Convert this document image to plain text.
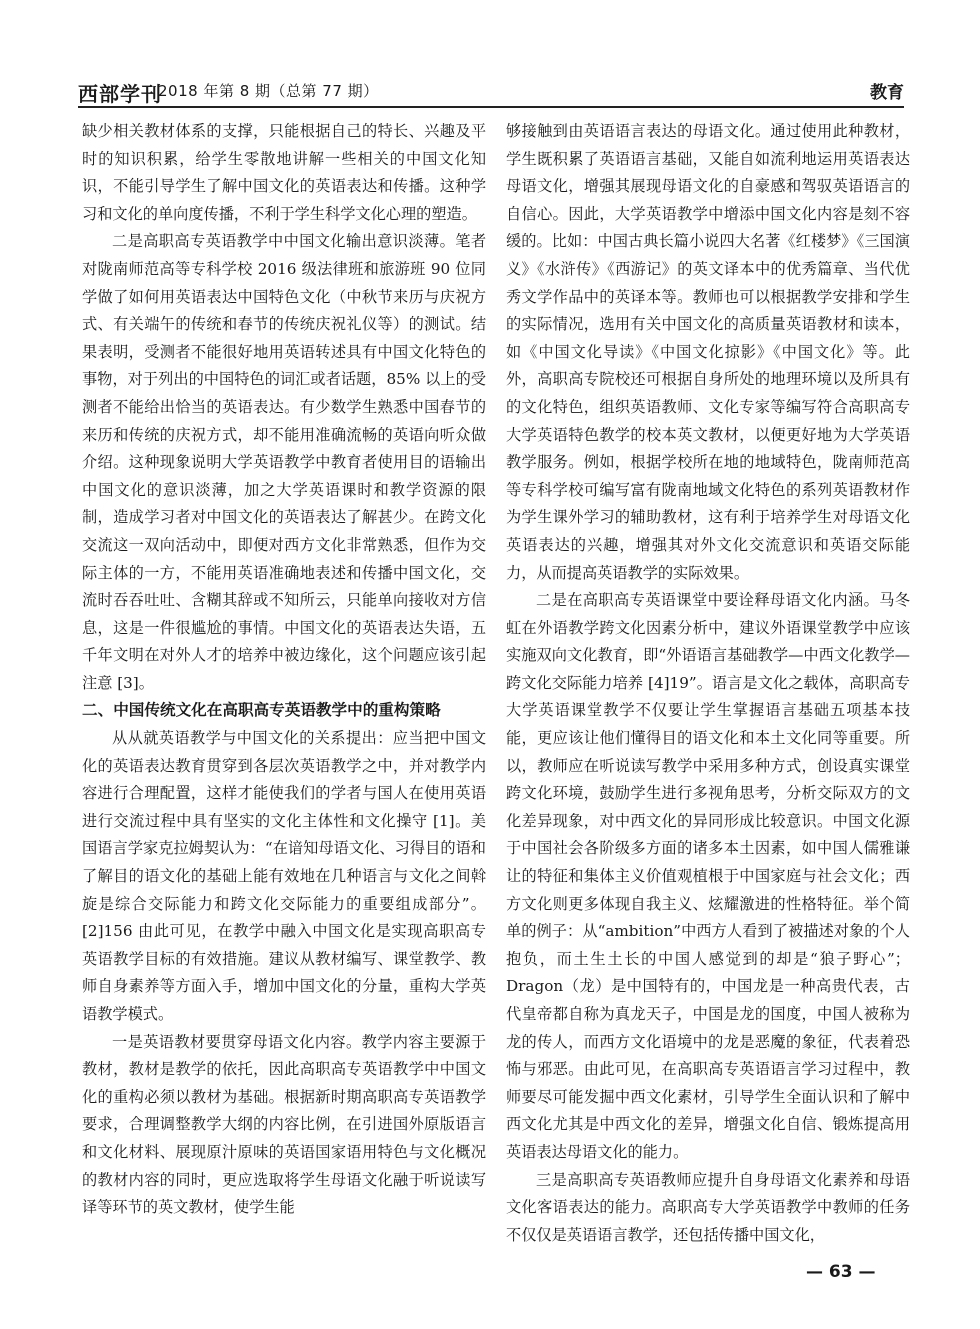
西部学刊
2018 年第 8 期（总第 77 期）	教育

缺少相关教材体系的支撑，只能根据自己的特长、兴趣及平时的知识积累，给学生零散地讲解一些相关的中国文化知识，不能引导学生了解中国文化的英语表达和传播。这种学习和文化的单向度传播，不利于学生科学文化心理的塑造。

二是高职高专英语教学中中国文化输出意识淡薄。笔者对陇南师范高等专科学校 2016 级法律班和旅游班 90 位同学做了如何用英语表达中国特色文化（中秋节来历与庆祝方式、有关端午的传统和春节的传统庆祝礼仪等）的测试。结果表明，受测者不能很好地用英语转述具有中国文化特色的事物，对于列出的中国特色的词汇或者话题，85% 以上的受测者不能给出恰当的英语表达。有少数学生熟悉中国春节的来历和传统的庆祝方式，却不能用准确流畅的英语向听众做介绍。这种现象说明大学英语教学中教育者使用目的语输出中国文化的意识淡薄，加之大学英语课时和教学资源的限制，造成学习者对中国文化的英语表达了解甚少。在跨文化交流这一双向活动中，即便对西方文化非常熟悉，但作为交际主体的一方，不能用英语准确地表述和传播中国文化，交流时吞吞吐吐、含糊其辞或不知所云，只能单向接收对方信息，这是一件很尴尬的事情。中国文化的英语表达失语，五千年文明在对外人才的培养中被边缘化，这个问题应该引起注意 [3]。

二、中国传统文化在高职高专英语教学中的重构策略

从从就英语教学与中国文化的关系提出：应当把中国文化的英语表达教育贯穿到各层次英语教学之中，并对教学内容进行合理配置，这样才能使我们的学者与国人在使用英语进行交流过程中具有坚实的文化主体性和文化操守 [1]。美国语言学家克拉姆契认为：“在谙知母语文化、习得目的语和了解目的语文化的基础上能有效地在几种语言与文化之间斡旋是综合交际能力和跨文化交际能力的重要组成部分”。[2]156 由此可见，在教学中融入中国文化是实现高职高专英语教学目标的有效措施。建议从教材编写、课堂教学、教师自身素养等方面入手，增加中国文化的分量，重构大学英语教学模式。

一是英语教材要贯穿母语文化内容。教学内容主要源于教材，教材是教学的依托，因此高职高专英语教学中中国文化的重构必须以教材为基础。根据新时期高职高专英语教学要求，合理调整教学大纲的内容比例，在引进国外原版语言和文化材料、展现原汁原味的英语国家语用特色与文化概况的教材内容的同时，更应选取将学生母语文化融于听说读写译等环节的英文教材，使学生能

够接触到由英语语言表达的母语文化。通过使用此种教材，学生既积累了英语语言基础，又能自如流利地运用英语表达母语文化，增强其展现母语文化的自豪感和驾驭英语语言的自信心。因此，大学英语教学中增添中国文化内容是刻不容缓的。比如：中国古典长篇小说四大名著《红楼梦》《三国演义》《水浒传》《西游记》的英文译本中的优秀篇章、当代优秀文学作品中的英译本等。教师也可以根据教学安排和学生的实际情况，选用有关中国文化的高质量英语教材和读本，如《中国文化导读》《中国文化掠影》《中国文化》等。此外，高职高专院校还可根据自身所处的地理环境以及所具有的文化特色，组织英语教师、文化专家等编写符合高职高专大学英语特色教学的校本英文教材，以便更好地为大学英语教学服务。例如，根据学校所在地的地域特色，陇南师范高等专科学校可编写富有陇南地域文化特色的系列英语教材作为学生课外学习的辅助教材，这有利于培养学生对母语文化英语表达的兴趣，增强其对外文化交流意识和英语交际能力，从而提高英语教学的实际效果。

二是在高职高专英语课堂中要诠释母语文化内涵。马冬虹在外语教学跨文化因素分析中，建议外语课堂教学中应该实施双向文化教育，即“外语语言基础教学—中西文化教学—跨文化交际能力培养 [4]19”。语言是文化之载体，高职高专大学英语课堂教学不仅要让学生掌握语言基础五项基本技能，更应该让他们懂得目的语文化和本土文化同等重要。所以，教师应在听说读写教学中采用多种方式，创设真实课堂跨文化环境，鼓励学生进行多视角思考，分析交际双方的文化差异现象，对中西文化的异同形成比较意识。中国文化源于中国社会各阶级多方面的诸多本土因素，如中国人儒雅谦让的特征和集体主义价值观植根于中国家庭与社会文化；西方文化则更多体现自我主义、炫耀激进的性格特征。举个简单的例子：从“ambition”中西方人看到了被描述对象的个人抱负，而土生土长的中国人感觉到的却是“狼子野心”；Dragon（龙）是中国特有的，中国龙是一种高贵代表，古代皇帝都自称为真龙天子，中国是龙的国度，中国人被称为龙的传人，而西方文化语境中的龙是恶魔的象征，代表着恐怖与邪恶。由此可见，在高职高专英语语言学习过程中，教师要尽可能发掘中西文化素材，引导学生全面认识和了解中西文化尤其是中西文化的差异，增强文化自信、锻炼提高用英语表达母语文化的能力。

三是高职高专英语教师应提升自身母语文化素养和母语文化客语表达的能力。高职高专大学英语教学中教师的任务不仅仅是英语语言教学，还包括传播中国文化，

— 63 —
